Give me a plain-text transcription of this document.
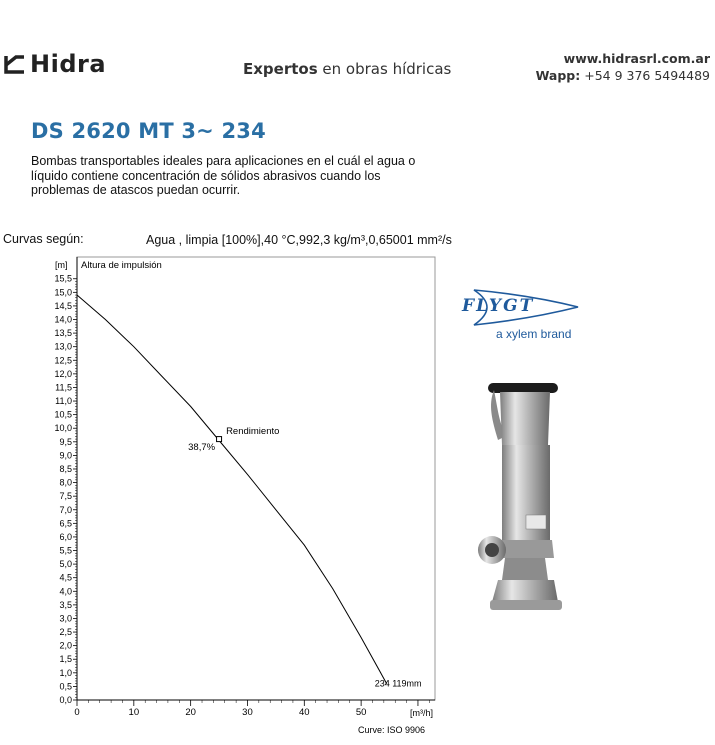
Hidra	Expertos en obras hídricas
www.hidrasrl.com.ar
Wapp: +54 9 376 5494489
DS 2620 MT 3~ 234

Bombas transportables ideales para aplicaciones en el cuál el agua o líquido contiene concentración de sólidos abrasivos cuando los problemas de atascos puedan ocurrir.

Curvas según:	Agua , limpia [100%],40 °C,992,3 kg/m³,0,65001 mm²/s
0,0
0,5
1,0
1,5
2,0
2,5
3,0
3,5
4,0
4,5
5,0
5,5
6,0
6,5
7,0
7,5
8,0
8,5
9,0
9,5
10,0
10,5
11,0
11,5
12,0
12,5
13,0
13,5
14,0
14,5
15,0
15,5
0	10	20	30	40	50
[m] Altura de impulsión
[m³/h]
Curve: ISO 9906
234 119mm
Rendimiento
38,7%
FLYGT
a xylem brand
